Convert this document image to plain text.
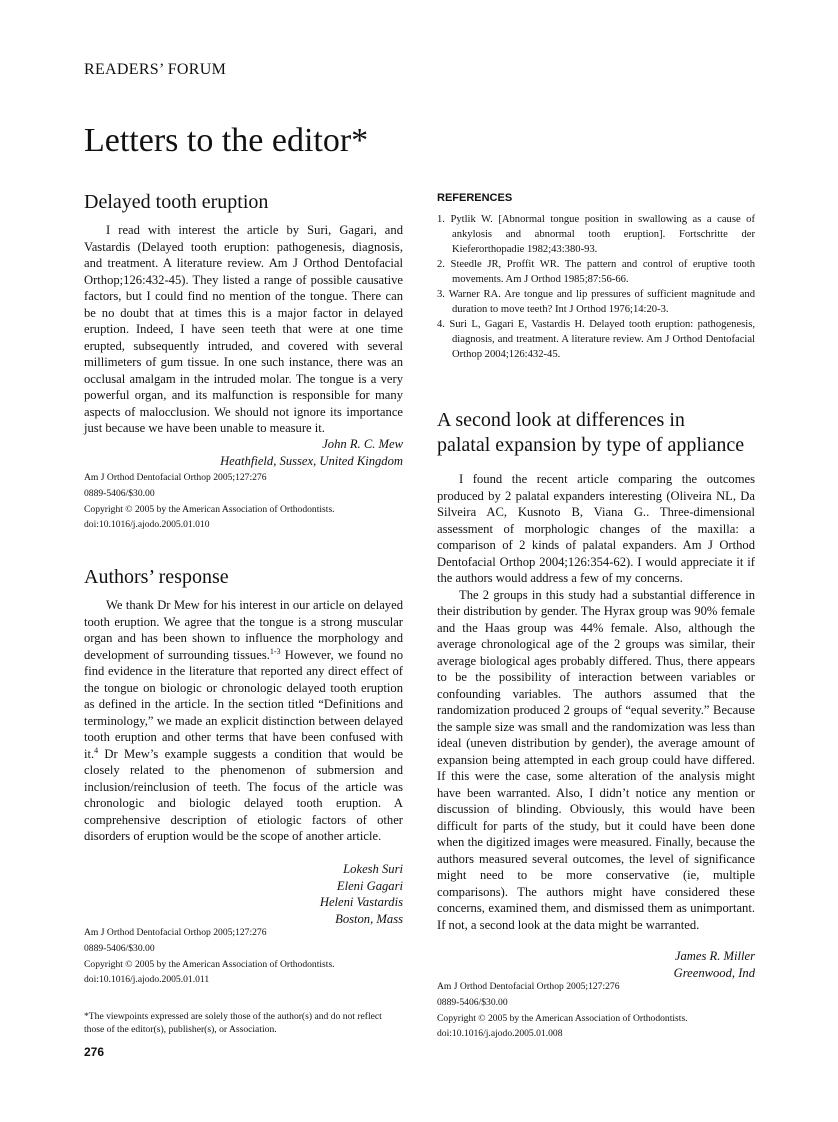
READERS’ FORUM
Letters to the editor*
Delayed tooth eruption

I read with interest the article by Suri, Gagari, and Vastardis (Delayed tooth eruption: pathogenesis, diagnosis, and treatment. A literature review. Am J Orthod Dentofacial Orthop;126:432-45). They listed a range of possible causative factors, but I could find no mention of the tongue. There can be no doubt that at times this is a major factor in delayed eruption. Indeed, I have seen teeth that were at one time erupted, subsequently intruded, and covered with several millimeters of gum tissue. In one such instance, there was an occlusal amalgam in the intruded molar. The tongue is a very powerful organ, and its malfunction is responsible for many aspects of malocclusion. We should not ignore its importance just because we have been unable to measure it.

John R. C. Mew
Heathfield, Sussex, United Kingdom
Am J Orthod Dentofacial Orthop 2005;127:276
0889-5406/$30.00
Copyright © 2005 by the American Association of Orthodontists.
doi:10.1016/j.ajodo.2005.01.010
Authors’ response

We thank Dr Mew for his interest in our article on delayed tooth eruption. We agree that the tongue is a strong muscular organ and has been shown to influence the morphology and development of surrounding tissues.$^{1-3}$ However, we found no find evidence in the literature that reported any direct effect of the tongue on biologic or chronologic delayed tooth eruption as defined in the article. In the section titled “Definitions and terminology,” we made an explicit distinction between delayed tooth eruption and other terms that have been confused with it.$^4$ Dr Mew’s example suggests a condition that would be closely related to the phenomenon of submersion and inclusion/reinclusion of teeth. The focus of the article was chronologic and biologic delayed tooth eruption. A comprehensive description of etiologic factors of other disorders of eruption would be the scope of another article.

Lokesh Suri
Eleni Gagari
Heleni Vastardis
Boston, Mass
Am J Orthod Dentofacial Orthop 2005;127:276
0889-5406/$30.00
Copyright © 2005 by the American Association of Orthodontists.
doi:10.1016/j.ajodo.2005.01.011
*The viewpoints expressed are solely those of the author(s) and do not reflect those of the editor(s), publisher(s), or Association.
276
REFERENCES
1. Pytlik W. [Abnormal tongue position in swallowing as a cause of ankylosis and abnormal tooth eruption]. Fortschritte der Kieferorthopadie 1982;43:380-93.
2. Steedle JR, Proffit WR. The pattern and control of eruptive tooth movements. Am J Orthod 1985;87:56-66.
3. Warner RA. Are tongue and lip pressures of sufficient magnitude and duration to move teeth? Int J Orthod 1976;14:20-3.
4. Suri L, Gagari E, Vastardis H. Delayed tooth eruption: pathogenesis, diagnosis, and treatment. A literature review. Am J Orthod Dentofacial Orthop 2004;126:432-45.
A second look at differences in
palatal expansion by type of appliance

I found the recent article comparing the outcomes produced by 2 palatal expanders interesting (Oliveira NL, Da Silveira AC, Kusnoto B, Viana G.. Three-dimensional assessment of morphologic changes of the maxilla: a comparison of 2 kinds of palatal expanders. Am J Orthod Dentofacial Orthop 2004;126:354-62). I would appreciate it if the authors would address a few of my concerns.

The 2 groups in this study had a substantial difference in their distribution by gender. The Hyrax group was 90% female and the Haas group was 44% female. Also, although the average chronological age of the 2 groups was similar, their average biological ages probably differed. Thus, there appears to be the possibility of interaction between variables or confounding variables. The authors assumed that the randomization produced 2 groups of “equal severity.” Because the sample size was small and the randomization was less than ideal (uneven distribution by gender), the average amount of expansion being attempted in each group could have differed. If this were the case, some alteration of the analysis might have been warranted. Also, I didn’t notice any mention or discussion of blinding. Obviously, this would have been difficult for parts of the study, but it could have been done when the digitized images were measured. Finally, because the authors measured several outcomes, the level of significance might need to be more conservative (ie, multiple comparisons). The authors might have considered these concerns, examined them, and dismissed them as unimportant. If not, a second look at the data might be warranted.

James R. Miller
Greenwood, Ind
Am J Orthod Dentofacial Orthop 2005;127:276
0889-5406/$30.00
Copyright © 2005 by the American Association of Orthodontists.
doi:10.1016/j.ajodo.2005.01.008
